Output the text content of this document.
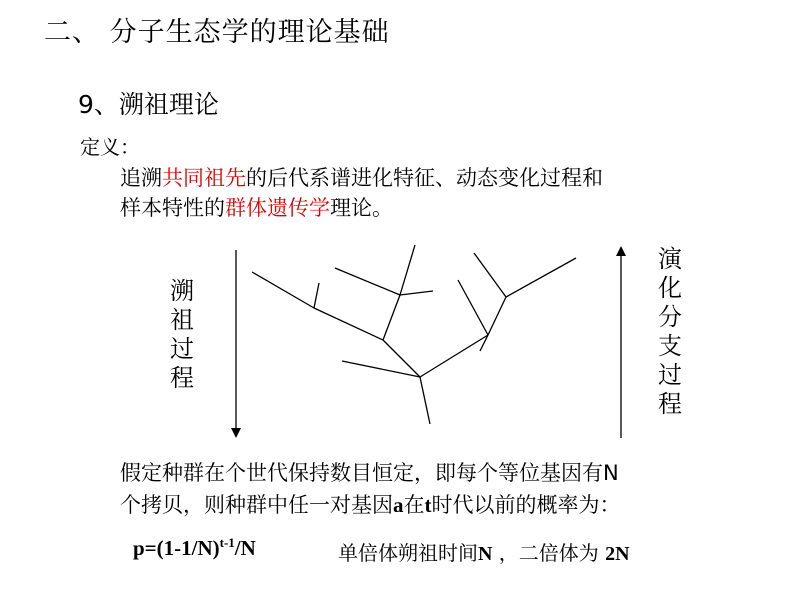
二、 分子生态学的理论基础
9、溯祖理论
定义：
追溯共同祖先的后代系谱进化特征、动态变化过程和
样本特性的群体遗传学理论。
溯祖过程
演化分支过程
假定种群在个世代保持数目恒定，即每个等位基因有N
个拷贝，则种群中任一对基因a在t时代以前的概率为：
$p=(1-1/N)^{t-1}/N$	单倍体朔祖时间N ，二倍体为 2N
